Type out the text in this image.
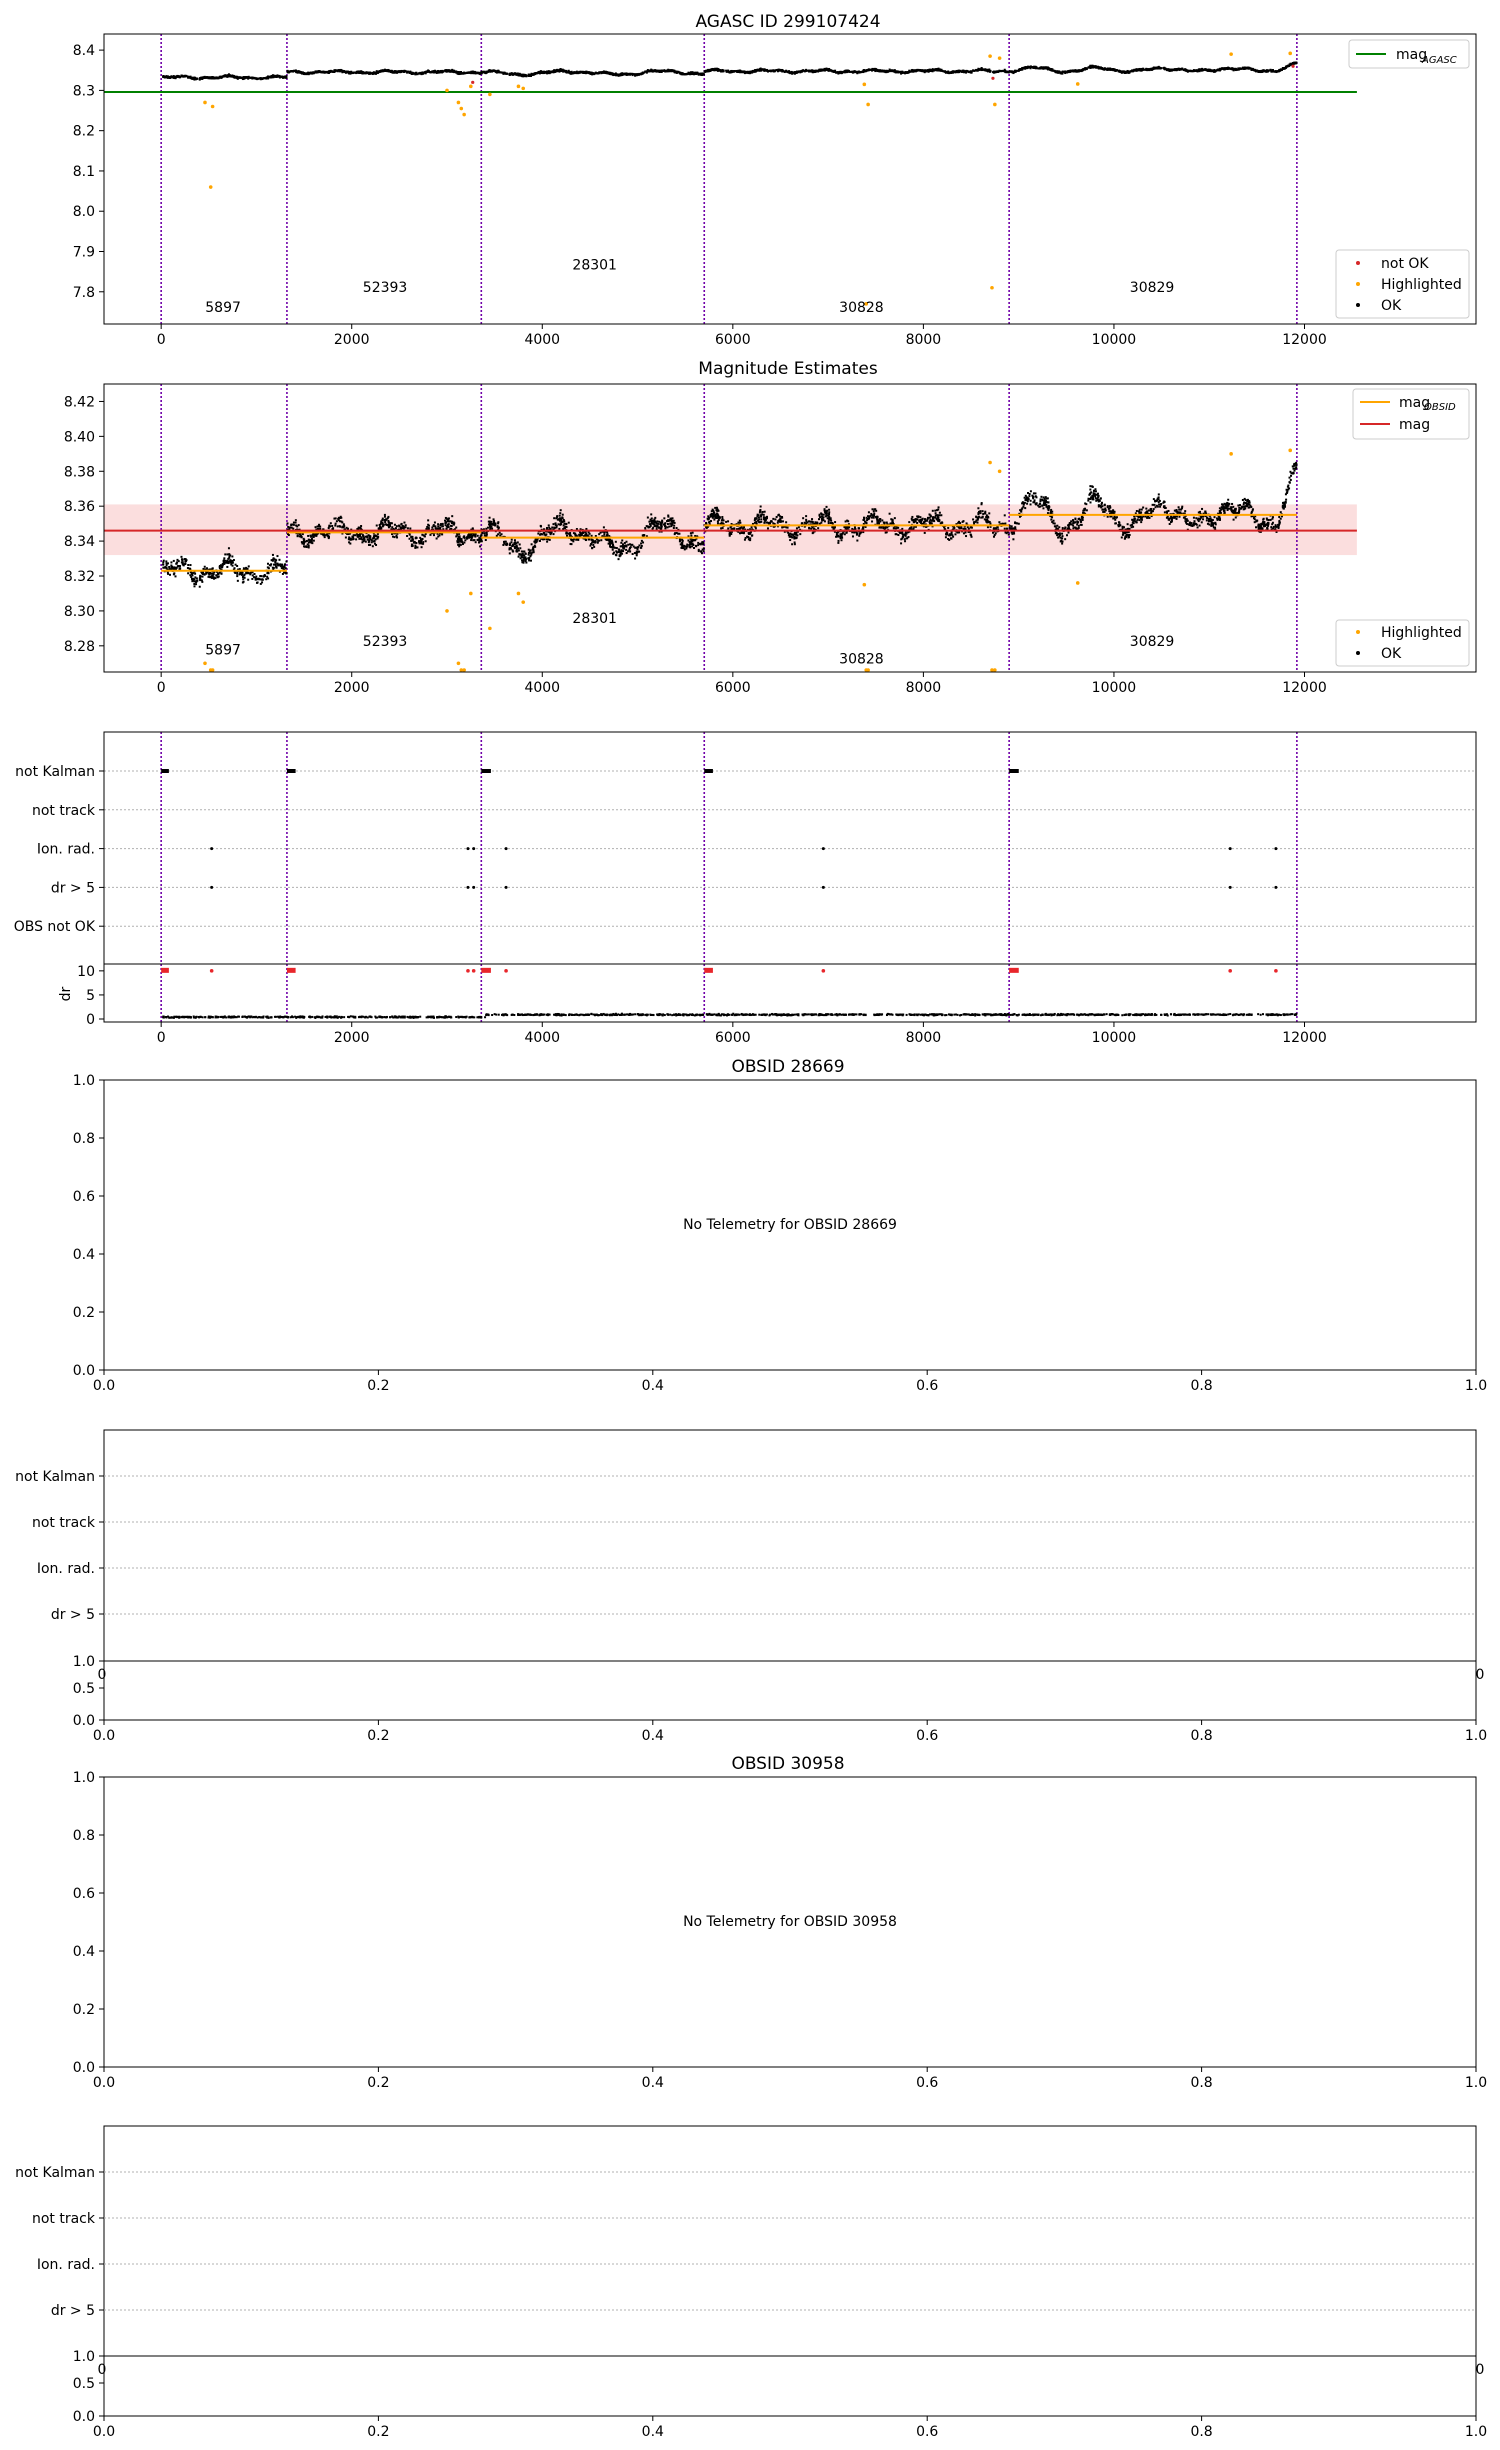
AGASC ID 299107424
5897
52393
28301
30828
30829
7.8
7.9
8.0
8.1
8.2
8.3
8.4
0	2000	4000	6000	8000	10000	12000
mag
AGASC
not OK
Highlighted
OK
Magnitude Estimates
5897
52393
28301
30828
30829
8.28
8.30
8.32
8.34
8.36
8.38
8.40
8.42
0	2000	4000	6000	8000	10000	12000
mag
OBSID
mag
Highlighted
OK
not Kalman
not track
Ion. rad.
dr > 5
OBS not OK
0
5
10
dr
0	2000	4000	6000	8000	10000	12000
OBSID 28669
No Telemetry for OBSID 28669
0.0
0.0
0.2
0.2
0.4
0.4
0.6
0.6
0.8
0.8
1.0
1.0
not Kalman
not track
Ion. rad.
dr > 5
1.0
0.5
0	0
0.0	0.2	0.4	0.6	0.8	1.0
0.0
OBSID 30958
No Telemetry for OBSID 30958
0.0
0.0
0.2
0.2
0.4
0.4
0.6
0.6
0.8
0.8
1.0
1.0
not Kalman
not track
Ion. rad.
dr > 5
1.0
0.5
0	0
0.0	0.2	0.4	0.6	0.8	1.0
0.0
